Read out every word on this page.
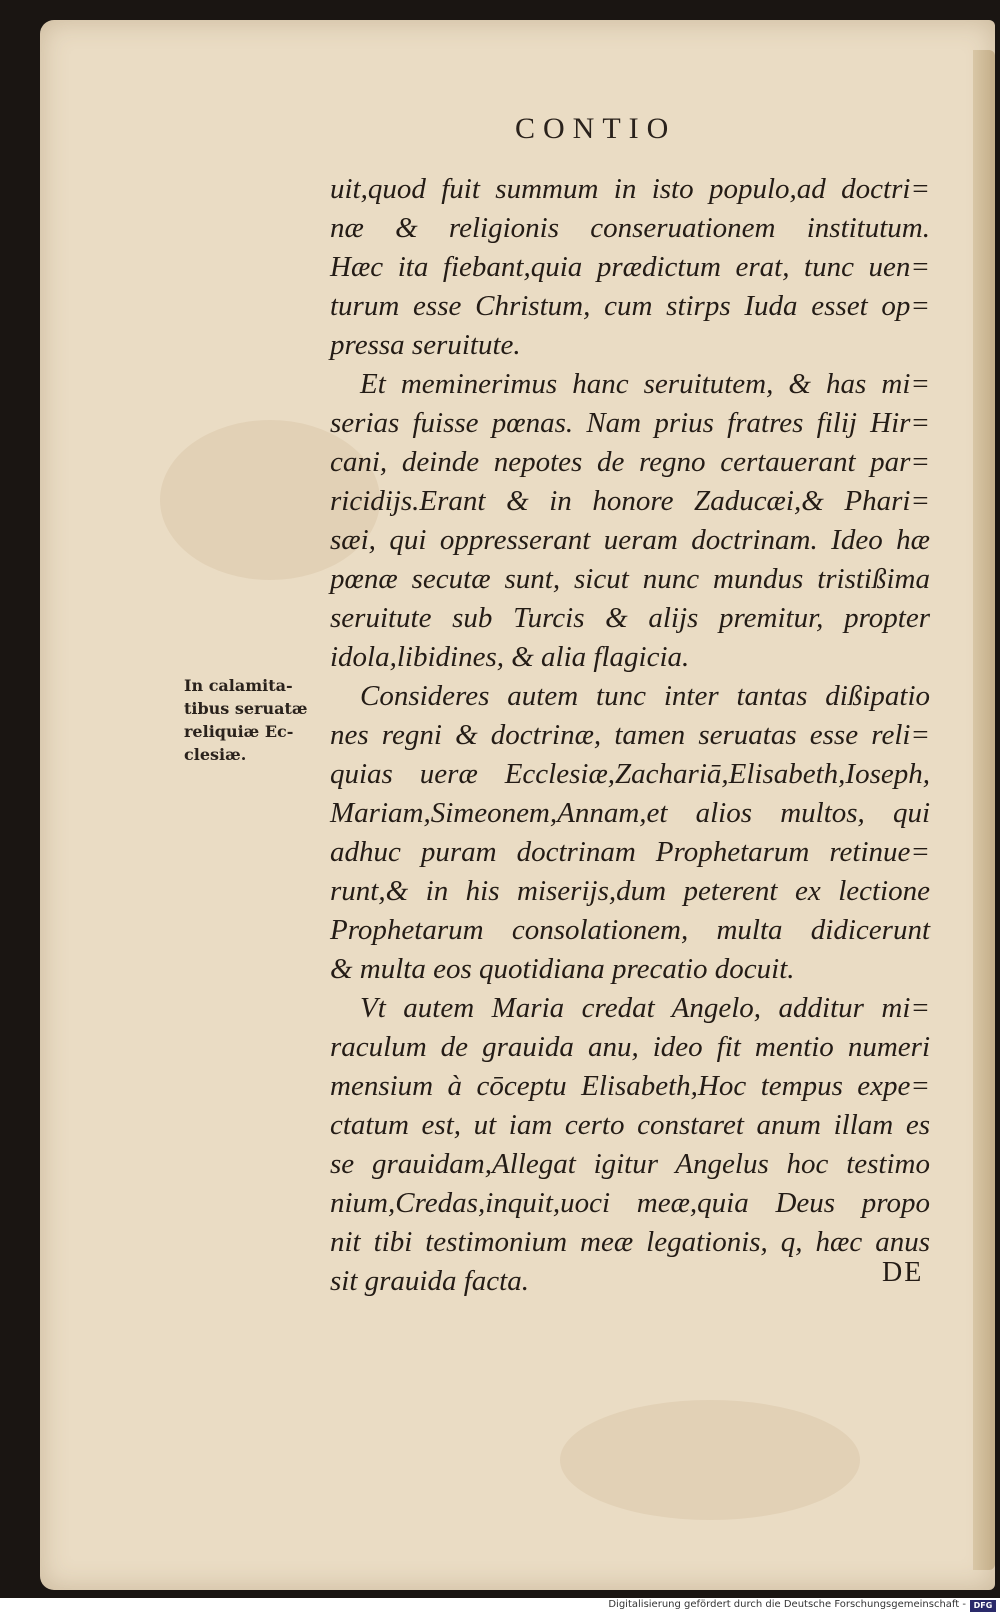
CONTIO
uit,quod fuit summum in isto populo,ad doctri=
næ & religionis conseruationem institutum.
Hæc ita fiebant,quia prædictum erat, tunc uen=
turum esse Christum, cum stirps Iuda esset op=
pressa seruitute.
Et meminerimus hanc seruitutem, & has mi=
serias fuisse pœnas. Nam prius fratres filij Hir=
cani, deinde nepotes de regno certauerant par=
ricidijs.Erant & in honore Zaducæi,& Phari=
sæi, qui oppresserant ueram doctrinam. Ideo hæ
pœnæ secutæ sunt, sicut nunc mundus tristißima
seruitute sub Turcis & alijs premitur, propter
idola,libidines, & alia flagicia.
Consideres autem tunc inter tantas dißipatio
nes regni & doctrinæ, tamen seruatas esse reli=
quias ueræ Ecclesiæ,Zachariā,Elisabeth,Ioseph,
Mariam,Simeonem,Annam,et alios multos, qui
adhuc puram doctrinam Prophetarum retinue=
runt,& in his miserijs,dum peterent ex lectione
Prophetarum consolationem, multa didicerunt
& multa eos quotidiana precatio docuit.
Vt autem Maria credat Angelo, additur mi=
raculum de grauida anu, ideo fit mentio numeri
mensium à cōceptu Elisabeth,Hoc tempus expe=
ctatum est, ut iam certo constaret anum illam es
se grauidam,Allegat igitur Angelus hoc testimo
nium,Credas,inquit,uoci meæ,quia Deus propo
nit tibi testimonium meæ legationis, q, hæc anus
sit grauida facta.
In calamita-
tibus seruatæ
reliquiæ Ec-
clesiæ.
DE
Digitalisierung gefördert durch die Deutsche Forschungsgemeinschaft - DFG
